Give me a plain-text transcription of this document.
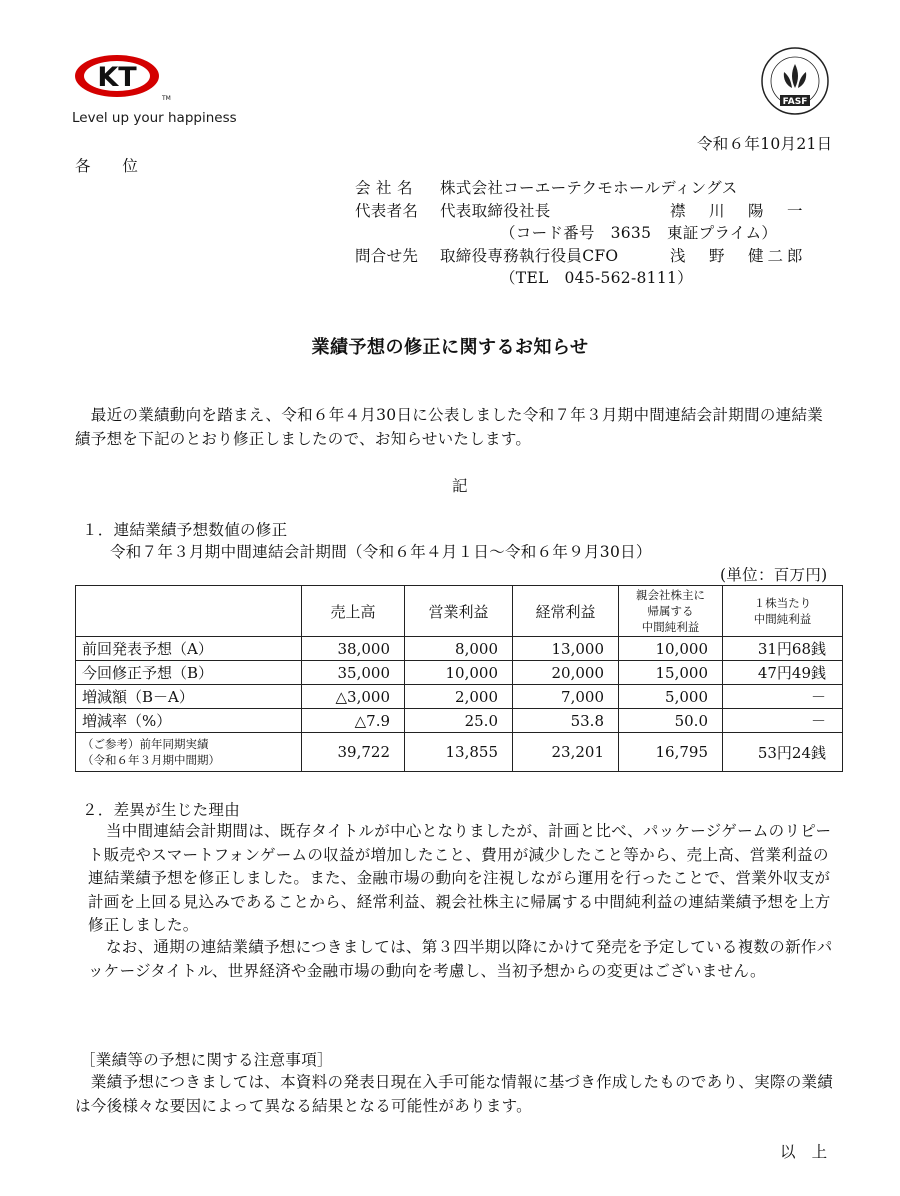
KT
TM
Level up your happiness
FASF
令和６年10月21日
各　　位
会 社 名 株式会社コーエーテクモホールディングス
代表者名 代表取締役社長	襟　川　陽　一
（コード番号　3635　東証プライム）
問合せ先 取締役専務執行役員CFO	浅　野　健二郎
（TEL　045-562-8111）
業績予想の修正に関するお知らせ
　最近の業績動向を踏まえ、令和６年４月30日に公表しました令和７年３月期中間連結会計期間の連結業績予想を下記のとおり修正しましたので、お知らせいたします。
記
１．連結業績予想数値の修正
令和７年３月期中間連結会計期間（令和６年４月１日～令和６年９月30日）
(単位：百万円)
	売上高	営業利益	経常利益	親会社株主に
帰属する
中間純利益	１株当たり
中間純利益
前回発表予想（A）	38,000	8,000	13,000	10,000	31円68銭
今回修正予想（B）	35,000	10,000	20,000	15,000	47円49銭
増減額（B－A）	△3,000	2,000	7,000	5,000	－
増減率（%）	△7.9	25.0	53.8	50.0	－
（ご参考）前年同期実績
（令和６年３月期中間期）	39,722	13,855	23,201	16,795	53円24銭
２．差異が生じた理由
当中間連結会計期間は、既存タイトルが中心となりましたが、計画と比べ、パッケージゲームのリピート販売やスマートフォンゲームの収益が増加したこと、費用が減少したこと等から、売上高、営業利益の連結業績予想を修正しました。また、金融市場の動向を注視しながら運用を行ったことで、営業外収支が計画を上回る見込みであることから、経常利益、親会社株主に帰属する中間純利益の連結業績予想を上方修正しました。
なお、通期の連結業績予想につきましては、第３四半期以降にかけて発売を予定している複数の新作パッケージタイトル、世界経済や金融市場の動向を考慮し、当初予想からの変更はございません。
［業績等の予想に関する注意事項］
　業績予想につきましては、本資料の発表日現在入手可能な情報に基づき作成したものであり、実際の業績は今後様々な要因によって異なる結果となる可能性があります。
以　上
